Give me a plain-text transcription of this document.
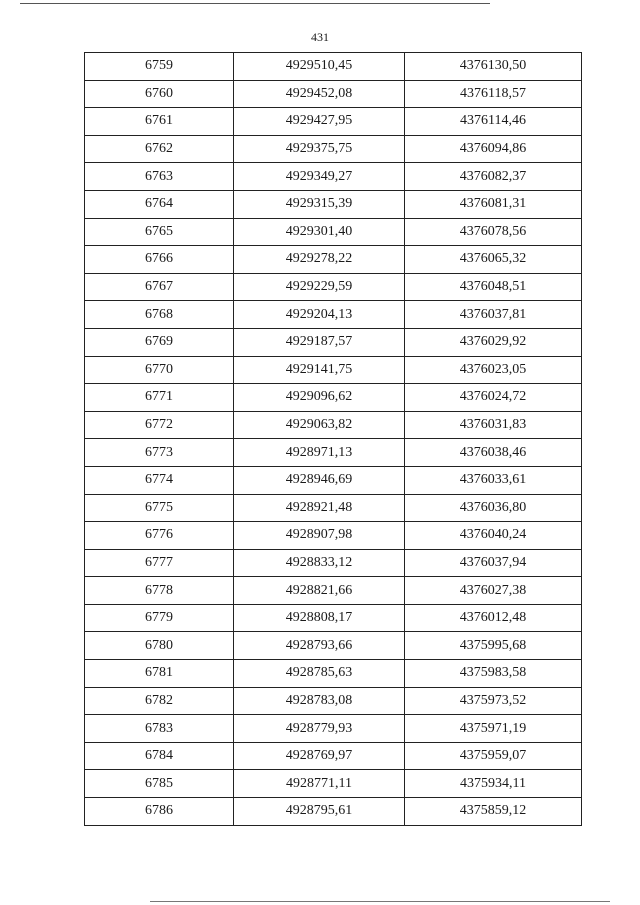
431
6759	4929510,45	4376130,50
6760	4929452,08	4376118,57
6761	4929427,95	4376114,46
6762	4929375,75	4376094,86
6763	4929349,27	4376082,37
6764	4929315,39	4376081,31
6765	4929301,40	4376078,56
6766	4929278,22	4376065,32
6767	4929229,59	4376048,51
6768	4929204,13	4376037,81
6769	4929187,57	4376029,92
6770	4929141,75	4376023,05
6771	4929096,62	4376024,72
6772	4929063,82	4376031,83
6773	4928971,13	4376038,46
6774	4928946,69	4376033,61
6775	4928921,48	4376036,80
6776	4928907,98	4376040,24
6777	4928833,12	4376037,94
6778	4928821,66	4376027,38
6779	4928808,17	4376012,48
6780	4928793,66	4375995,68
6781	4928785,63	4375983,58
6782	4928783,08	4375973,52
6783	4928779,93	4375971,19
6784	4928769,97	4375959,07
6785	4928771,11	4375934,11
6786	4928795,61	4375859,12
